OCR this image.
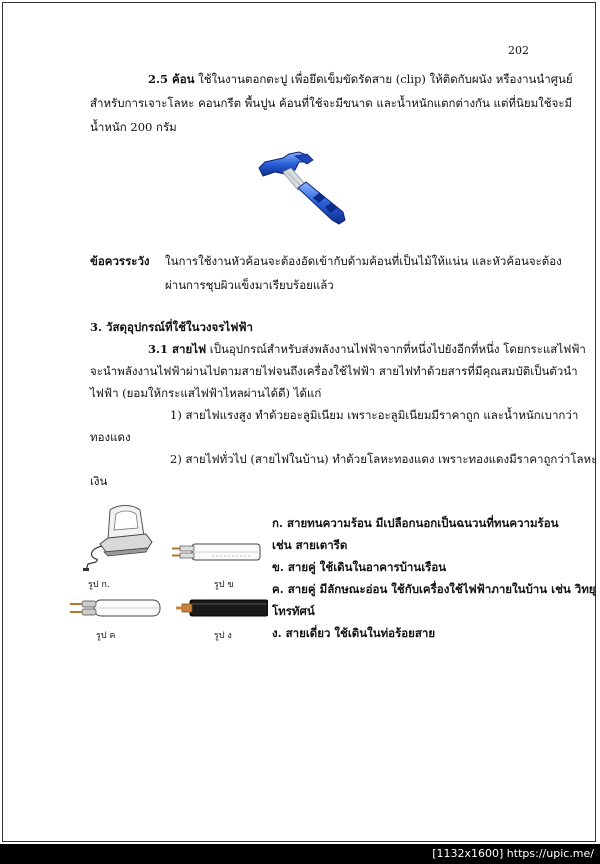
202
2.5 ค้อน ใช้ในงานตอกตะปู เพื่อยึดเข็มขัดรัดสาย (clip) ให้ติดกับผนัง หรืองานนำศูนย์
สำหรับการเจาะโลหะ คอนกรีต พื้นปูน ค้อนที่ใช้จะมีขนาด และน้ำหนักแตกต่างกัน แต่ที่นิยมใช้จะมี
น้ำหนัก 200 กรัม
ข้อควรระวัง ในการใช้งานหัวค้อนจะต้องอัดเข้ากับด้ามค้อนที่เป็นไม้ให้แน่น และหัวค้อนจะต้อง
ผ่านการชุบผิวแข็งมาเรียบร้อยแล้ว
3. วัสดุอุปกรณ์ที่ใช้ในวงจรไฟฟ้า
3.1 สายไฟ เป็นอุปกรณ์สำหรับส่งพลังงานไฟฟ้าจากที่หนึ่งไปยังอีกที่หนึ่ง โดยกระแสไฟฟ้า
จะนำพลังงานไฟฟ้าผ่านไปตามสายไฟจนถึงเครื่องใช้ไฟฟ้า สายไฟทำด้วยสารที่มีคุณสมบัติเป็นตัวนำ
ไฟฟ้า (ยอมให้กระแสไฟฟ้าไหลผ่านได้ดี) ได้แก่
1) สายไฟแรงสูง ทำด้วยอะลูมิเนียม เพราะอะลูมิเนียมมีราคาถูก และน้ำหนักเบากว่า
ทองแดง
2) สายไฟทั่วไป (สายไฟในบ้าน) ทำด้วยโลหะทองแดง เพราะทองแดงมีราคาถูกว่าโลหะ
เงิน
รูป ก.	รูป ข
รูป ค	รูป ง
ก. สายทนความร้อน มีเปลือกนอกเป็นฉนวนที่ทนความร้อน
เช่น สายเตารีด
ข. สายคู่ ใช้เดินในอาคารบ้านเรือน
ค. สายคู่ มีลักษณะอ่อน ใช้กับเครื่องใช้ไฟฟ้าภายในบ้าน เช่น วิทยุ
โทรทัศน์
ง. สายเดี่ยว ใช้เดินในท่อร้อยสาย
[1132x1600] https://upic.me/
